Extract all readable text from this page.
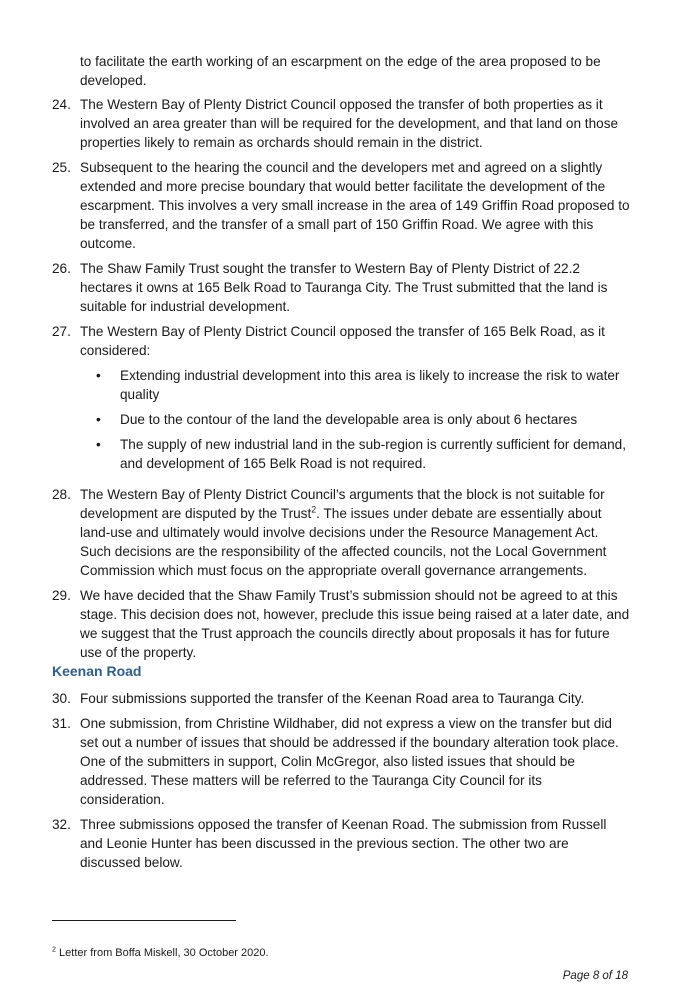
to facilitate the earth working of an escarpment on the edge of the area proposed to be developed.

24. The Western Bay of Plenty District Council opposed the transfer of both properties as it involved an area greater than will be required for the development, and that land on those properties likely to remain as orchards should remain in the district.
25. Subsequent to the hearing the council and the developers met and agreed on a slightly extended and more precise boundary that would better facilitate the development of the escarpment. This involves a very small increase in the area of 149 Griffin Road proposed to be transferred, and the transfer of a small part of 150 Griffin Road. We agree with this outcome.
26. The Shaw Family Trust sought the transfer to Western Bay of Plenty District of 22.2 hectares it owns at 165 Belk Road to Tauranga City. The Trust submitted that the land is suitable for industrial development.
27. The Western Bay of Plenty District Council opposed the transfer of 165 Belk Road, as it considered:
•	Extending industrial development into this area is likely to increase the risk to water quality
•	Due to the contour of the land the developable area is only about 6 hectares
•	The supply of new industrial land in the sub-region is currently sufficient for demand, and development of 165 Belk Road is not required.
28. The Western Bay of Plenty District Council’s arguments that the block is not suitable for development are disputed by the Trust$^2$. The issues under debate are essentially about land-use and ultimately would involve decisions under the Resource Management Act. Such decisions are the responsibility of the affected councils, not the Local Government Commission which must focus on the appropriate overall governance arrangements.
29. We have decided that the Shaw Family Trust’s submission should not be agreed to at this stage. This decision does not, however, preclude this issue being raised at a later date, and we suggest that the Trust approach the councils directly about proposals it has for future use of the property.
Keenan Road
30. Four submissions supported the transfer of the Keenan Road area to Tauranga City.
31. One submission, from Christine Wildhaber, did not express a view on the transfer but did set out a number of issues that should be addressed if the boundary alteration took place. One of the submitters in support, Colin McGregor, also listed issues that should be addressed. These matters will be referred to the Tauranga City Council for its consideration.
32. Three submissions opposed the transfer of Keenan Road. The submission from Russell and Leonie Hunter has been discussed in the previous section. The other two are discussed below.
$^2$ Letter from Boffa Miskell, 30 October 2020.
Page 8 of 18
